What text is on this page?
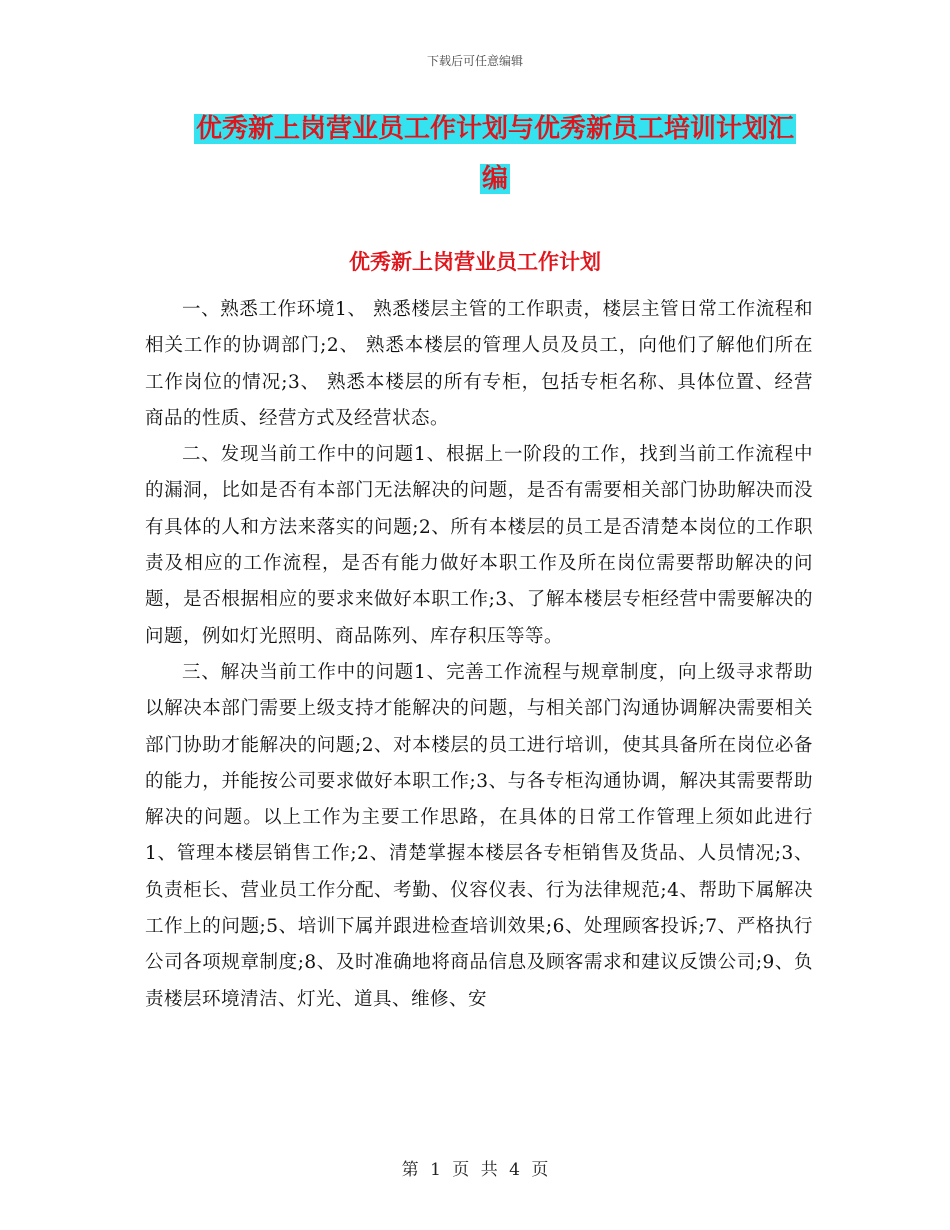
下载后可任意编辑
优秀新上岗营业员工作计划与优秀新员工培训计划汇
编
优秀新上岗营业员工作计划

一、熟悉工作环境1、 熟悉楼层主管的工作职责，楼层主管日常工作流程和相关工作的协调部门;2、 熟悉本楼层的管理人员及员工，向他们了解他们所在工作岗位的情况;3、 熟悉本楼层的所有专柜，包括专柜名称、具体位置、经营商品的性质、经营方式及经营状态。

二、发现当前工作中的问题1、根据上一阶段的工作，找到当前工作流程中的漏洞，比如是否有本部门无法解决的问题，是否有需要相关部门协助解决而没有具体的人和方法来落实的问题;2、所有本楼层的员工是否清楚本岗位的工作职责及相应的工作流程，是否有能力做好本职工作及所在岗位需要帮助解决的问题，是否根据相应的要求来做好本职工作;3、了解本楼层专柜经营中需要解决的问题，例如灯光照明、商品陈列、库存积压等等。

三、解决当前工作中的问题1、完善工作流程与规章制度，向上级寻求帮助以解决本部门需要上级支持才能解决的问题，与相关部门沟通协调解决需要相关部门协助才能解决的问题;2、对本楼层的员工进行培训，使其具备所在岗位必备的能力，并能按公司要求做好本职工作;3、与各专柜沟通协调，解决其需要帮助解决的问题。以上工作为主要工作思路，在具体的日常工作管理上须如此进行1、管理本楼层销售工作;2、清楚掌握本楼层各专柜销售及货品、人员情况;3、负责柜长、营业员工作分配、考勤、仪容仪表、行为法律规范;4、帮助下属解决工作上的问题;5、培训下属并跟进检查培训效果;6、处理顾客投诉;7、严格执行公司各项规章制度;8、及时准确地将商品信息及顾客需求和建议反馈公司;9、负责楼层环境清洁、灯光、道具、维修、安

第 1 页 共 4 页
